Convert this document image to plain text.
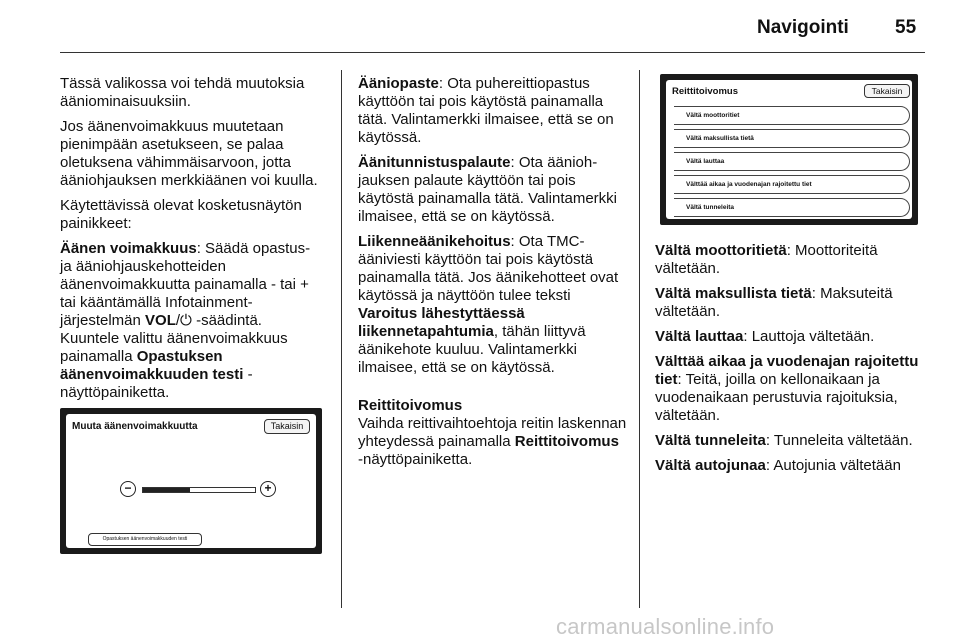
Navigointi 55

Tässä valikossa voi tehdä muutoksia ääniominaisuuksiin.

Jos äänenvoimakkuus muutetaan pienimpään asetukseen, se palaa oletuksena vähimmäisarvoon, jotta ääniohjauksen merkkiäänen voi kuulla.

Käytettävissä olevat kosketusnäytön painikkeet:

Äänen voimakkuus: Säädä opastus- ja ääniohjauskehotteiden äänenvoimakkuutta painamalla - tai + tai kääntämällä Infotainment-järjestelmän VOL/⏻ -säädintä. Kuuntele valittu äänenvoimakkuus painamalla Opastuksen äänenvoimakkuuden testi -näyttöpainiketta.

Muuta äänenvoimakkuutta	Takaisin
−	+
Opastuksen äänenvoimakkuuden testi

Ääniopaste: Ota puhereittiopastus käyttöön tai pois käytöstä painamalla tätä. Valintamerkki ilmaisee, että se on käytössä.

Äänitunnistuspalaute: Ota ääniohjauksen palaute käyttöön tai pois käytöstä painamalla tätä. Valintamerkki ilmaisee, että se on käytössä.

Liikenneäänikehoitus: Ota TMC-ääniviesti käyttöön tai pois käytöstä painamalla tätä. Jos äänikehotteet ovat käytössä ja näyttöön tulee teksti Varoitus lähestyttäessä liikennetapahtumia, tähän liittyvä äänikehote kuuluu. Valintamerkki ilmaisee, että se on käytössä.

Reittitoivomus

Vaihda reittivaihtoehtoja reitin laskennan yhteydessä painamalla Reittitoivomus -näyttöpainiketta.

Reittitoivomus	Takaisin
Vältä moottoritiet
Vältä maksullista tietä
Vältä lauttaa
Välttää aikaa ja vuodenajan rajoitettu tiet
Vältä tunneleita

Vältä moottoritietä: Moottoriteitä vältetään.

Vältä maksullista tietä: Maksuteitä vältetään.

Vältä lauttaa: Lauttoja vältetään.

Välttää aikaa ja vuodenajan rajoitettu tiet: Teitä, joilla on kellonaikaan ja vuodenaikaan perustuvia rajoituksia, vältetään.

Vältä tunneleita: Tunneleita vältetään.

Vältä autojunaa: Autojunia vältetään

carmanualsonline.info
